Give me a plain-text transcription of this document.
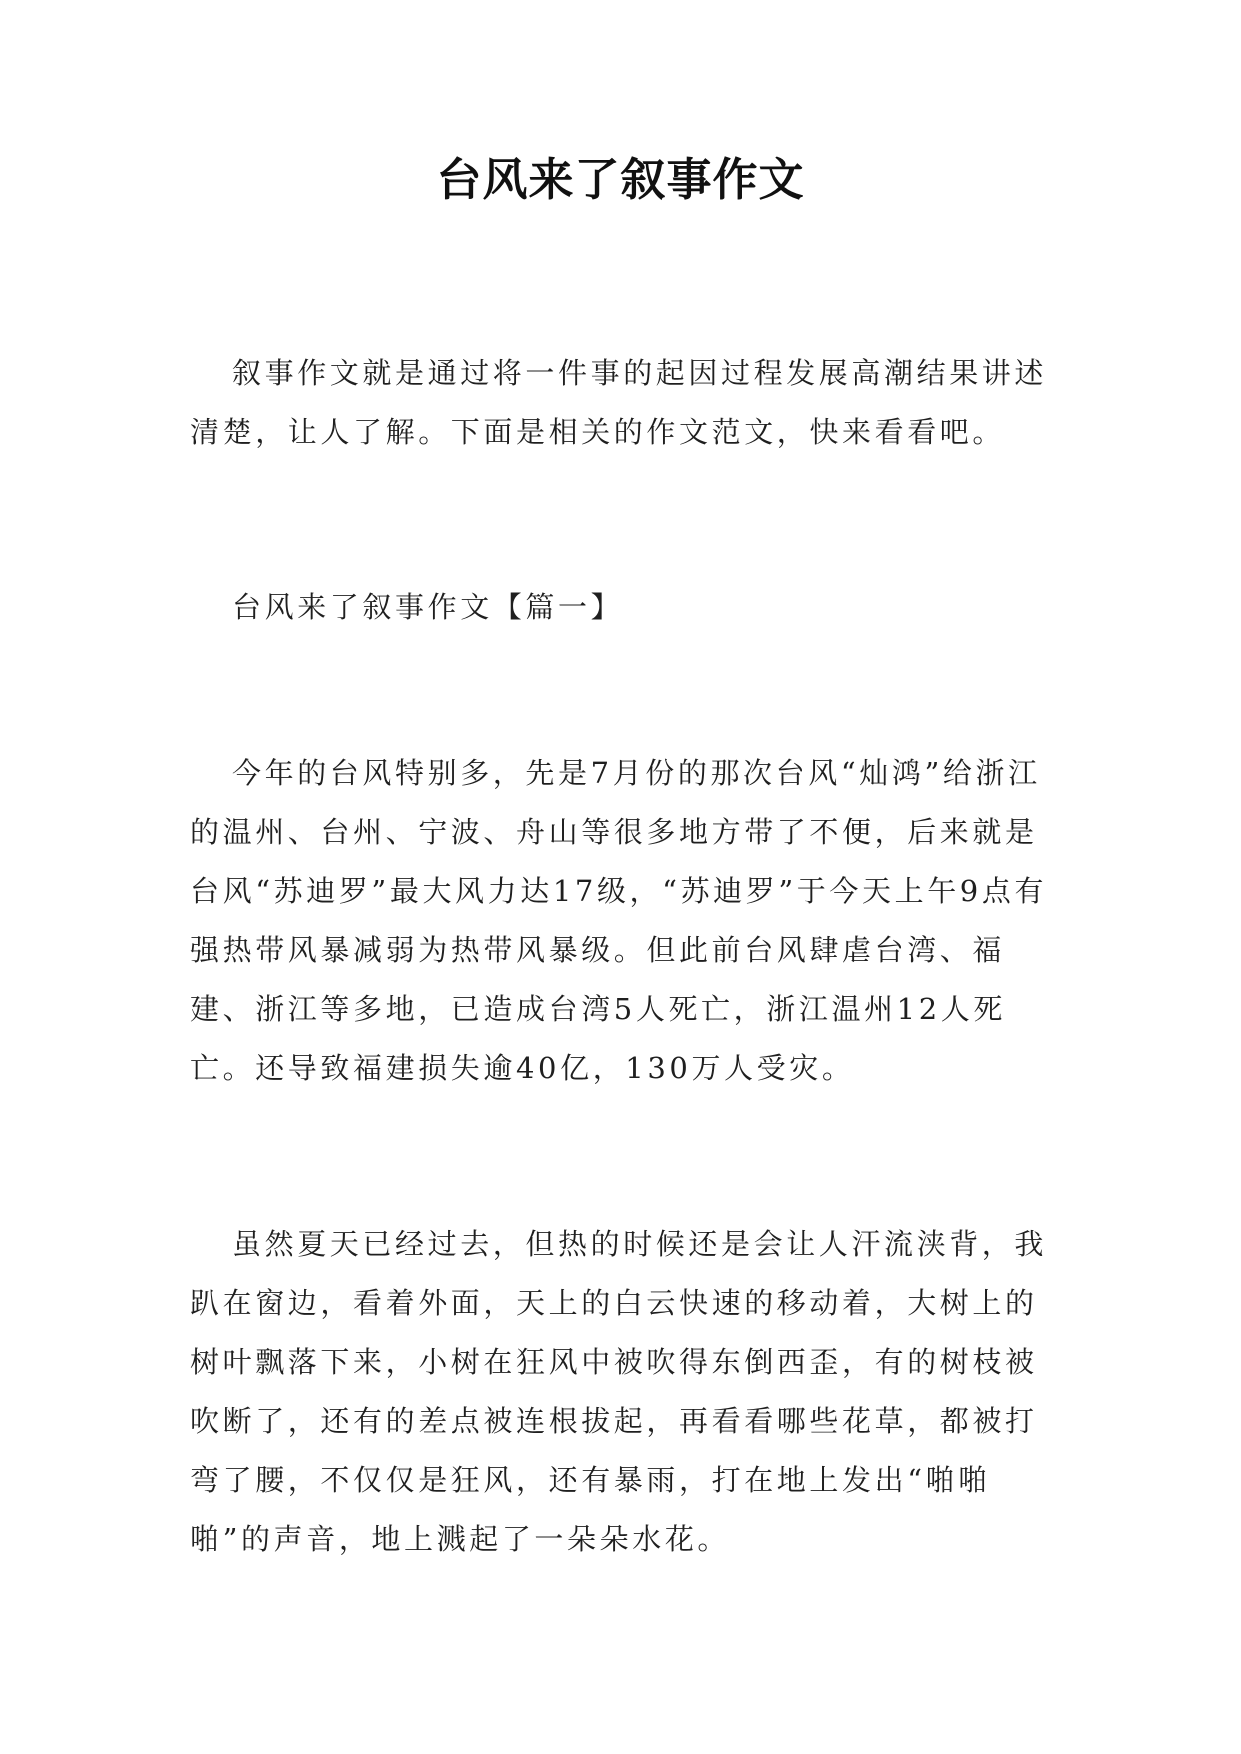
台风来了叙事作文
叙事作文就是通过将一件事的起因过程发展高潮结果讲述清楚，让人了解。下面是相关的作文范文，快来看看吧。
台风来了叙事作文【篇一】
今年的台风特别多，先是7月份的那次台风“灿鸿”给浙江的温州、台州、宁波、舟山等很多地方带了不便，后来就是台风“苏迪罗”最大风力达17级，“苏迪罗”于今天上午9点有强热带风暴减弱为热带风暴级。但此前台风肆虐台湾、福建、浙江等多地，已造成台湾5人死亡，浙江温州12人死亡。还导致福建损失逾40亿，130万人受灾。
虽然夏天已经过去，但热的时候还是会让人汗流浃背，我趴在窗边，看着外面，天上的白云快速的移动着，大树上的树叶飘落下来，小树在狂风中被吹得东倒西歪，有的树枝被吹断了，还有的差点被连根拔起，再看看哪些花草，都被打弯了腰，不仅仅是狂风，还有暴雨，打在地上发出“啪啪啪”的声音，地上溅起了一朵朵水花。
